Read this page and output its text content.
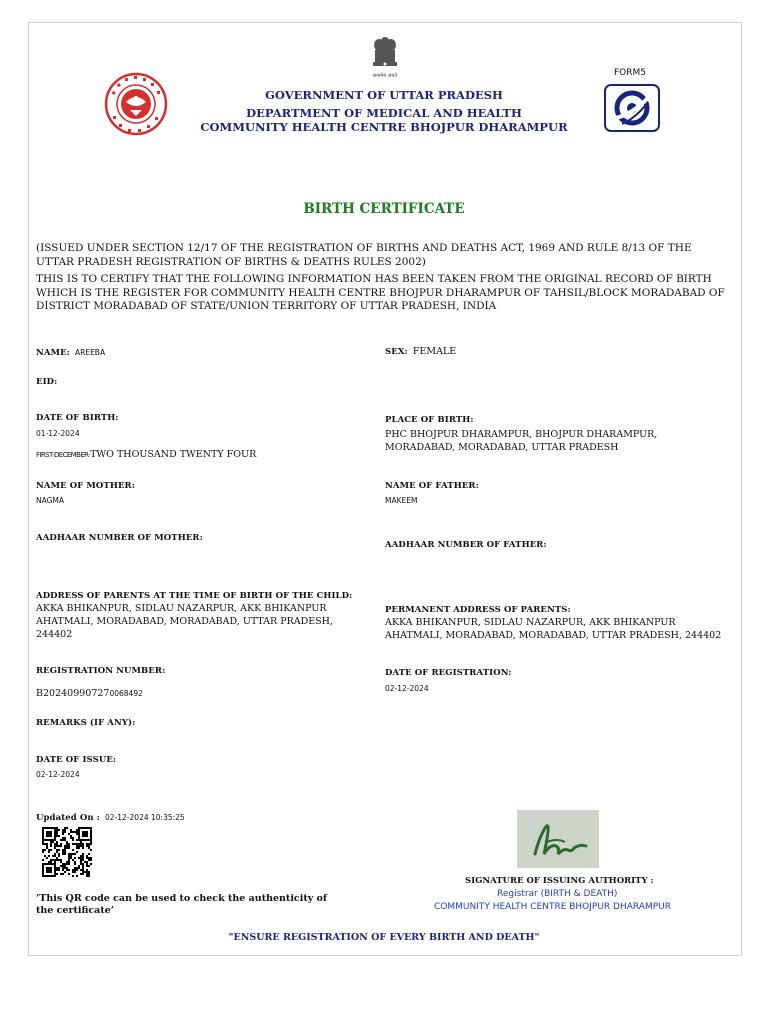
सत्यमेव जयते	FORM5
GOVERNMENT OF UTTAR PRADESH
DEPARTMENT OF MEDICAL AND HEALTH
COMMUNITY HEALTH CENTRE BHOJPUR DHARAMPUR
BIRTH CERTIFICATE
(ISSUED UNDER SECTION 12/17 OF THE REGISTRATION OF BIRTHS AND DEATHS ACT, 1969 AND RULE 8/13 OF THE UTTAR PRADESH REGISTRATION OF BIRTHS & DEATHS RULES 2002)
THIS IS TO CERTIFY THAT THE FOLLOWING INFORMATION HAS BEEN TAKEN FROM THE ORIGINAL RECORD OF BIRTH WHICH IS THE REGISTER FOR COMMUNITY HEALTH CENTRE BHOJPUR DHARAMPUR OF TAHSIL/BLOCK MORADABAD OF DISTRICT MORADABAD OF STATE/UNION TERRITORY OF UTTAR PRADESH, INDIA
NAME: AREEBA	SEX: FEMALE
EID:
DATE OF BIRTH:
01-12-2024
FIRST-DECEMBER-TWO THOUSAND TWENTY FOUR
PLACE OF BIRTH:
PHC BHOJPUR DHARAMPUR, BHOJPUR DHARAMPUR, MORADABAD, MORADABAD, UTTAR PRADESH
NAME OF MOTHER:
NAGMA
NAME OF FATHER:
MAKEEM
AADHAAR NUMBER OF MOTHER:
AADHAAR NUMBER OF FATHER:
ADDRESS OF PARENTS AT THE TIME OF BIRTH OF THE CHILD:
AKKA BHIKANPUR, SIDLAU NAZARPUR, AKK BHIKANPUR AHATMALI, MORADABAD, MORADABAD, UTTAR PRADESH, 244402
PERMANENT ADDRESS OF PARENTS:
AKKA BHIKANPUR, SIDLAU NAZARPUR, AKK BHIKANPUR AHATMALI, MORADABAD, MORADABAD, UTTAR PRADESH, 244402
REGISTRATION NUMBER:
B202409907270068492
DATE OF REGISTRATION:
02-12-2024
REMARKS (IF ANY):
DATE OF ISSUE:
02-12-2024
Updated On : 02-12-2024 10:35:25
‘This QR code can be used to check the authenticity of the certificate’
SIGNATURE OF ISSUING AUTHORITY :
Registrar (BIRTH & DEATH)
COMMUNITY HEALTH CENTRE BHOJPUR DHARAMPUR
"ENSURE REGISTRATION OF EVERY BIRTH AND DEATH"
